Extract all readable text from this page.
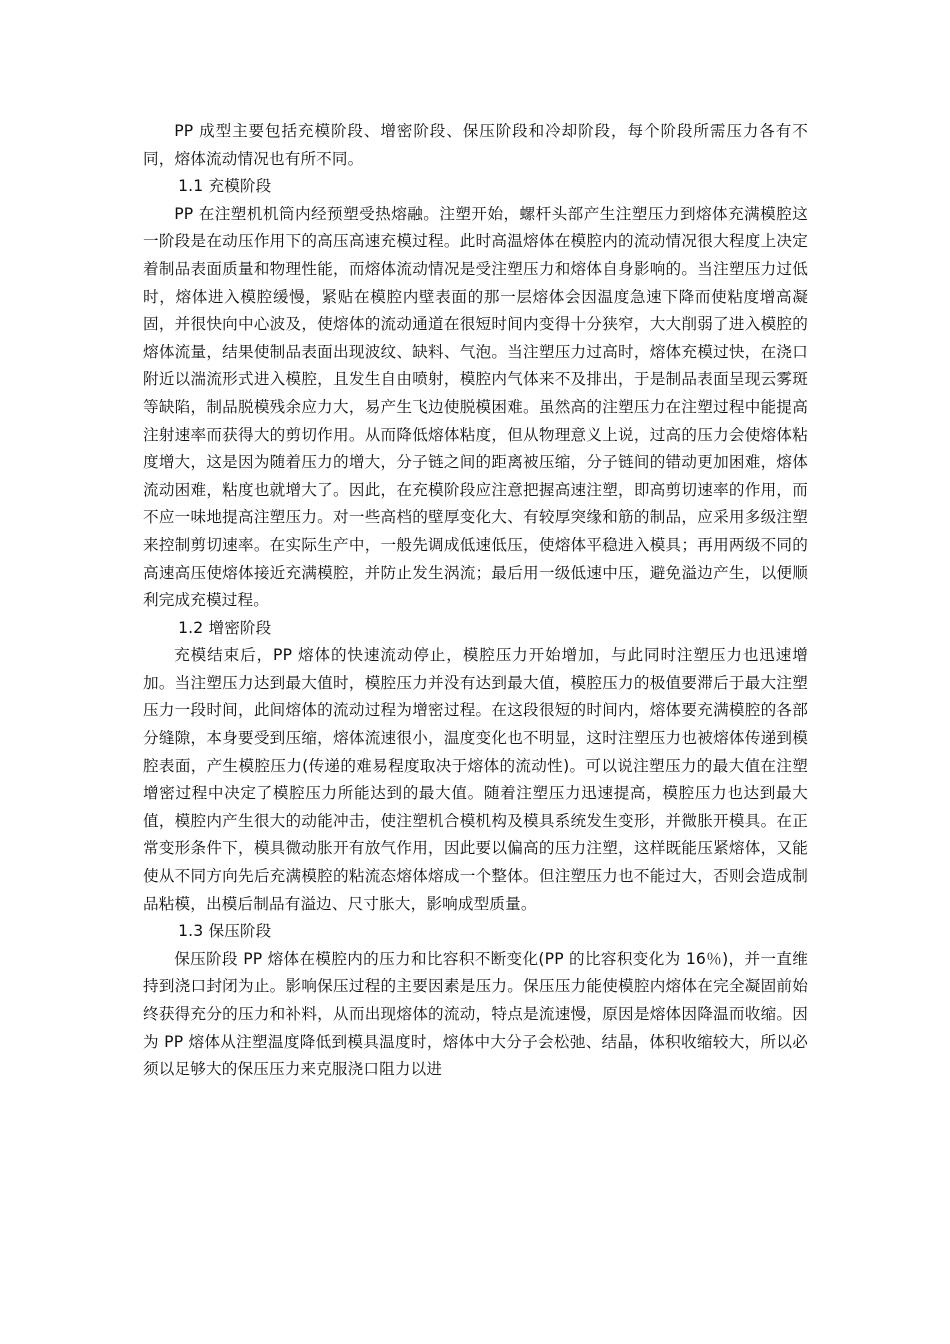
PP 成型主要包括充模阶段、增密阶段、保压阶段和冷却阶段，每个阶段所需压力各有不同，熔体流动情况也有所不同。

1.1 充模阶段

PP 在注塑机机筒内经预塑受热熔融。注塑开始，螺杆头部产生注塑压力到熔体充满模腔这一阶段是在动压作用下的高压高速充模过程。此时高温熔体在模腔内的流动情况很大程度上决定着制品表面质量和物理性能，而熔体流动情况是受注塑压力和熔体自身影响的。当注塑压力过低时，熔体进入模腔缓慢，紧贴在模腔内壁表面的那一层熔体会因温度急速下降而使粘度增高凝固，并很快向中心波及，使熔体的流动通道在很短时间内变得十分狭窄，大大削弱了进入模腔的熔体流量，结果使制品表面出现波纹、缺料、气泡。当注塑压力过高时，熔体充模过快，在浇口附近以湍流形式进入模腔，且发生自由喷射，模腔内气体来不及排出，于是制品表面呈现云雾斑等缺陷，制品脱模残余应力大，易产生飞边使脱模困难。虽然高的注塑压力在注塑过程中能提高注射速率而获得大的剪切作用。从而降低熔体粘度，但从物理意义上说，过高的压力会使熔体粘度增大，这是因为随着压力的增大，分子链之间的距离被压缩，分子链间的错动更加困难，熔体流动困难，粘度也就增大了。因此，在充模阶段应注意把握高速注塑，即高剪切速率的作用，而不应一味地提高注塑压力。对一些高档的壁厚变化大、有较厚突缘和筋的制品，应采用多级注塑来控制剪切速率。在实际生产中，一般先调成低速低压，使熔体平稳进入模具；再用两级不同的高速高压使熔体接近充满模腔，并防止发生涡流；最后用一级低速中压，避免溢边产生，以便顺利完成充模过程。

1.2 增密阶段

充模结束后，PP 熔体的快速流动停止，模腔压力开始增加，与此同时注塑压力也迅速增加。当注塑压力达到最大值时，模腔压力并没有达到最大值，模腔压力的极值要滞后于最大注塑压力一段时间，此间熔体的流动过程为增密过程。在这段很短的时间内，熔体要充满模腔的各部分缝隙，本身要受到压缩，熔体流速很小，温度变化也不明显，这时注塑压力也被熔体传递到模腔表面，产生模腔压力(传递的难易程度取决于熔体的流动性)。可以说注塑压力的最大值在注塑增密过程中决定了模腔压力所能达到的最大值。随着注塑压力迅速提高，模腔压力也达到最大值，模腔内产生很大的动能冲击，使注塑机合模机构及模具系统发生变形，并微胀开模具。在正常变形条件下，模具微动胀开有放气作用，因此要以偏高的压力注塑，这样既能压紧熔体，又能使从不同方向先后充满模腔的粘流态熔体熔成一个整体。但注塑压力也不能过大，否则会造成制品粘模，出模后制品有溢边、尺寸胀大，影响成型质量。

1.3 保压阶段

保压阶段 PP 熔体在模腔内的压力和比容积不断变化(PP 的比容积变化为 16％)，并一直维持到浇口封闭为止。影响保压过程的主要因素是压力。保压压力能使模腔内熔体在完全凝固前始终获得充分的压力和补料，从而出现熔体的流动，特点是流速慢，原因是熔体因降温而收缩。因为 PP 熔体从注塑温度降低到模具温度时，熔体中大分子会松弛、结晶，体积收缩较大，所以必须以足够大的保压压力来克服浇口阻力以进
